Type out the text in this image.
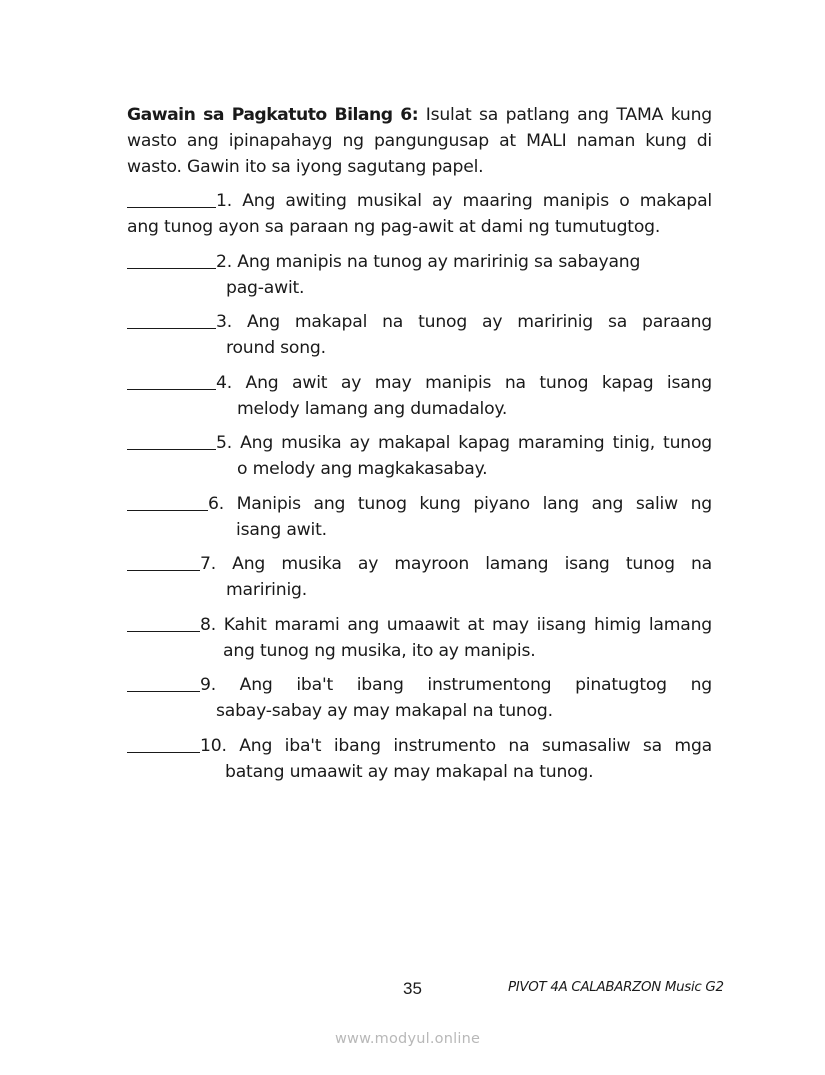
Gawain sa Pagkatuto Bilang 6: Isulat sa patlang ang TAMA kung wasto ang ipinapahayg ng pangungusap at MALI naman kung di wasto. Gawin ito sa iyong sagutang papel.

1. Ang awiting musikal ay maaring manipis o makapal
ang tunog ayon sa paraan ng pag-awit at dami ng tumutugtog.
2. Ang manipis na tunog ay maririnig sa sabayang
pag-awit.
3. Ang makapal na tunog ay maririnig sa paraang
round song.
4. Ang awit ay may manipis na tunog kapag isang
melody lamang ang dumadaloy.
5. Ang musika ay makapal kapag maraming tinig, tunog
o melody ang magkakasabay.
6. Manipis ang tunog kung piyano lang ang saliw ng
isang awit.
7. Ang musika ay mayroon lamang isang tunog na
maririnig.
8. Kahit marami ang umaawit at may iisang himig lamang
ang tunog ng musika, ito ay manipis.
9. Ang iba't ibang instrumentong pinatugtog ng
sabay-sabay ay may makapal na tunog.
10. Ang iba't ibang instrumento na sumasaliw sa mga
batang umaawit ay may makapal na tunog.
35	PIVOT 4A CALABARZON Music G2
www.modyul.online
